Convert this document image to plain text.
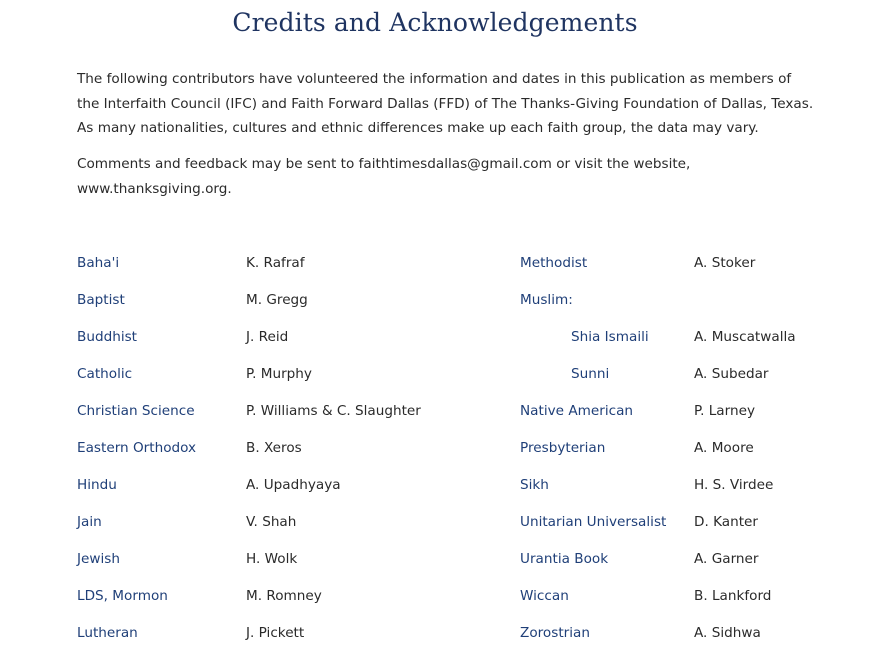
Credits and Acknowledgements

The following contributors have volunteered the information and dates in this publication as members of the Interfaith Council (IFC) and Faith Forward Dallas (FFD) of The Thanks-Giving Foundation of Dallas, Texas. As many nationalities, cultures and ethnic differences make up each faith group, the data may vary.

Comments and feedback may be sent to faithtimesdallas@gmail.com or visit the website,
www.thanksgiving.org.

Baha'i
Baptist
Buddhist
Catholic
Christian Science
Eastern Orthodox
Hindu
Jain
Jewish
LDS, Mormon
Lutheran
K. Rafraf
M. Gregg
J. Reid
P. Murphy
P. Williams & C. Slaughter
B. Xeros
A. Upadhyaya
V. Shah
H. Wolk
M. Romney
J. Pickett
Methodist
Muslim:
Shia Ismaili
Sunni
Native American
Presbyterian
Sikh
Unitarian Universalist
Urantia Book
Wiccan
Zorostrian
A. Stoker
A. Muscatwalla
A. Subedar
P. Larney
A. Moore
H. S. Virdee
D. Kanter
A. Garner
B. Lankford
A. Sidhwa
